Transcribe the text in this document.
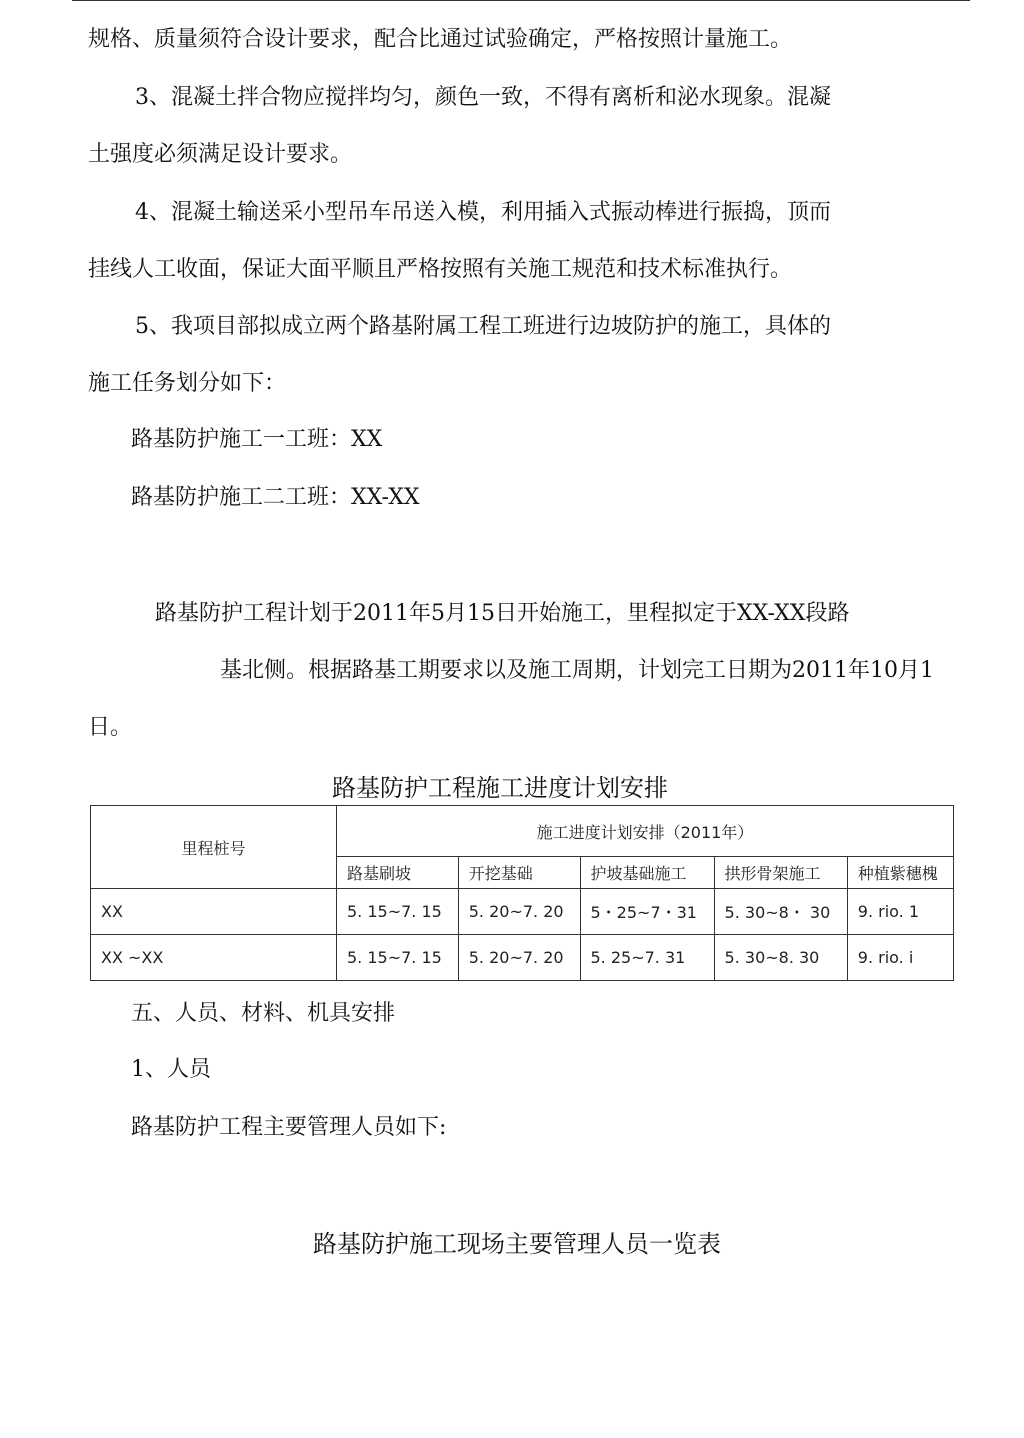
规格、质量须符合设计要求，配合比通过试验确定，严格按照计量施工。
3、混凝土拌合物应搅拌均匀，颜色一致，不得有离析和泌水现象。混凝
土强度必须满足设计要求。
4、混凝土输送采小型吊车吊送入模，利用插入式振动棒进行振捣，顶而
挂线人工收面，保证大面平顺且严格按照有关施工规范和技术标准执行。
5、我项目部拟成立两个路基附属工程工班进行边坡防护的施工，具体的
施工任务划分如下：
路基防护施工一工班：XX
路基防护施工二工班：XX-XX
路基防护工程计划于2011年5月15日开始施工，里程拟定于XX-XX段路
基北侧。根据路基工期要求以及施工周期，计划完工日期为2011年10月1
日。
路基防护工程施工进度计划安排
里程桩号	施工进度计划安排（2011年）				
	路基刷坡	开挖基础	护坡基础施工	拱形骨架施工	种植紫穗槐
XX	5. 15~7. 15	5. 20~7. 20	5・25~7・31	5. 30~8・ 30	9. rio. 1
XX ~XX	5. 15~7. 15	5. 20~7. 20	5. 25~7. 31	5. 30~8. 30	9. rio. i
五、人员、材料、机具安排
1、人员
路基防护工程主要管理人员如下:
路基防护施工现场主要管理人员一览表
